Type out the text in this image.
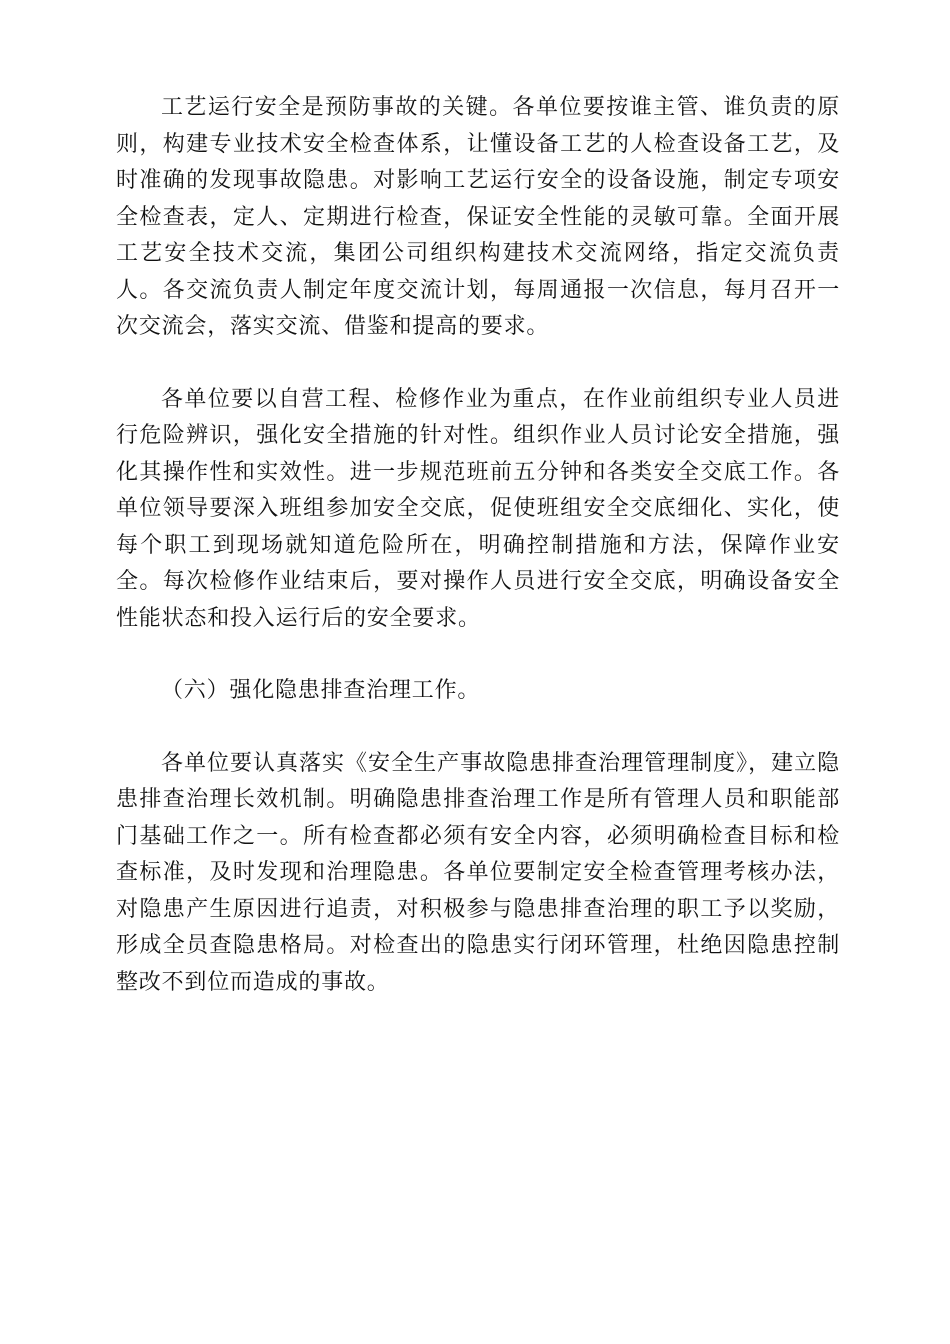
工艺运行安全是预防事故的关键。各单位要按谁主管、谁负责的原则，构建专业技术安全检查体系，让懂设备工艺的人检查设备工艺，及时准确的发现事故隐患。对影响工艺运行安全的设备设施，制定专项安全检查表，定人、定期进行检查，保证安全性能的灵敏可靠。全面开展工艺安全技术交流，集团公司组织构建技术交流网络，指定交流负责人。各交流负责人制定年度交流计划，每周通报一次信息，每月召开一次交流会，落实交流、借鉴和提高的要求。

各单位要以自营工程、检修作业为重点，在作业前组织专业人员进行危险辨识，强化安全措施的针对性。组织作业人员讨论安全措施，强化其操作性和实效性。进一步规范班前五分钟和各类安全交底工作。各单位领导要深入班组参加安全交底，促使班组安全交底细化、实化，使每个职工到现场就知道危险所在，明确控制措施和方法，保障作业安全。每次检修作业结束后，要对操作人员进行安全交底，明确设备安全性能状态和投入运行后的安全要求。

（六）强化隐患排查治理工作。

各单位要认真落实《安全生产事故隐患排查治理管理制度》，建立隐患排查治理长效机制。明确隐患排查治理工作是所有管理人员和职能部门基础工作之一。所有检查都必须有安全内容，必须明确检查目标和检查标准，及时发现和治理隐患。各单位要制定安全检查管理考核办法，对隐患产生原因进行追责，对积极参与隐患排查治理的职工予以奖励，形成全员查隐患格局。对检查出的隐患实行闭环管理，杜绝因隐患控制整改不到位而造成的事故。
